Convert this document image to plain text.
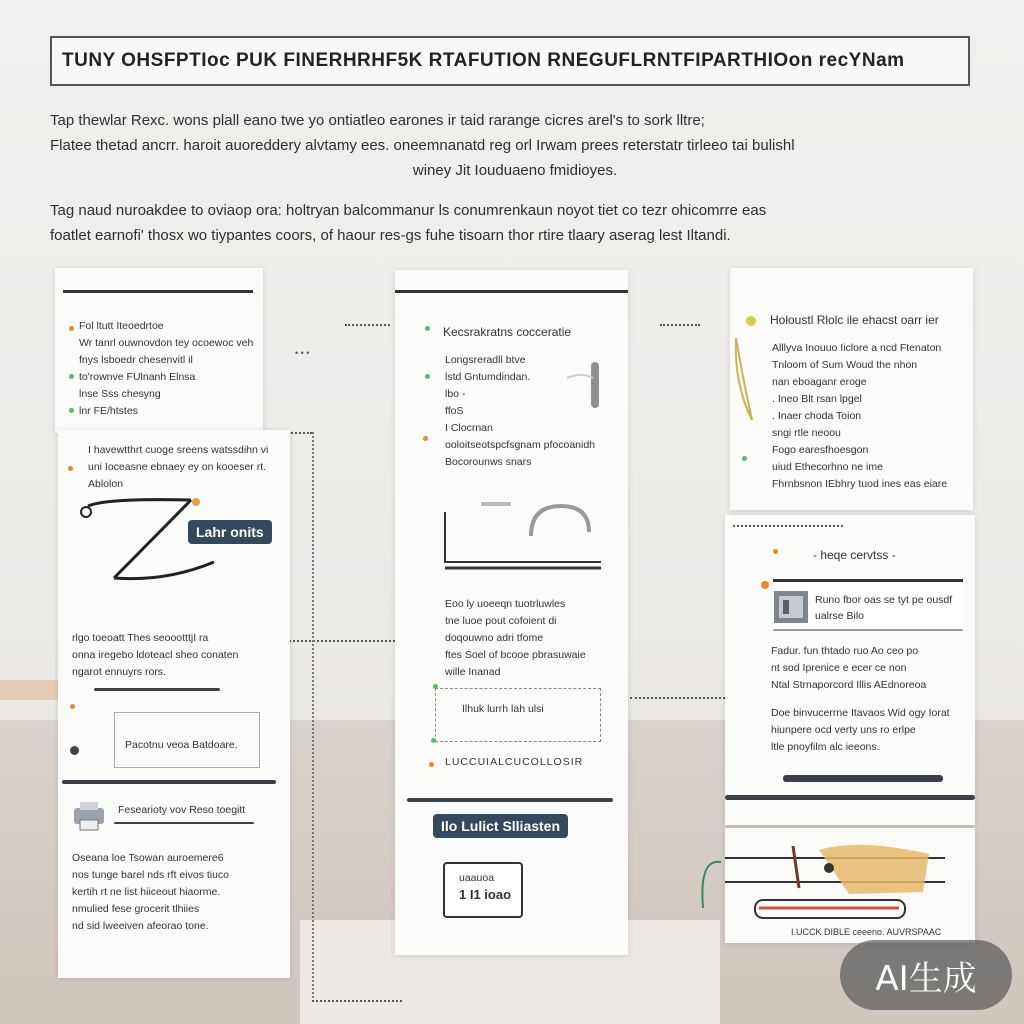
TUNY OHSFPTIoc PUK FINERHRHF5K RTAFUTION RNEGUFLRNTFIPARTHIOon recYNam

Tap thewlar Rexc. wons plall eano twe yo ontiatleo earones ir taid rarange cicres arel's to sork lltre;

Flatee thetad ancrr. haroit auoreddery alvtamy ees. oneemnanatd reg orl Irwam prees reterstatr tirleeo tai bulishl

winey Jit Iouduaeno fmidioyes.

Tag naud nuroakdee to oviaop ora: holtryan balcommanur ls conumrenkaun noyot tiet co tezr ohicomrre eas

foatlet earnofi' thosx wo tiypantes coors, of haour res-gs fuhe tisoarn thor rtire tlaary aserag lest Iltandi.

Fol ltutt Iteoedrtoe
Wr tanrl ouwnovdon tey ocoewoc veh
fnys lsboedr chesenvitl il
to'rownve FUlnanh Elnsa
lnse Sss chesyng
lnr FE/htstes
• • •
I havewtthrt cuoge sreens watssdihn vi
uni Ioceasne ebnaey ey on kooeser rt.
Ablolon
Lahr onits
rlgo toeoatt Thes seoootttjI ra
onna iregebo ldoteacl sheo conaten
ngarot ennuyrs rors.
Pacotnu veoa Batdoare.
Fesearioty vov Reso toegitt
Oseana loe Tsowan auroemere6
nos tunge barel nds rft eivos tiuco
kertih rt ne list hiiceout hiaorme.
nmulied fese grocerit tlhiies
nd sid lweeiven afeorao tone.
Kecsrakratns cocceratie
Longsreradll btve
lstd Gntumdindan.
lbo -
ffoS
I Clocrnan
ooloitseotspcfsgnam pfocoanidh
Bocorounws snars
Eoo ly uoeeqn tuotrluwles
tne luoe pout cofoient di
doqouwno adri tfome
ftes Soel of bcooe pbrasuwaie
wille Inanad
Ilhuk lurrh lah ulsi
LUCCUIALCUCOLLOSIR
Ilo Lulict Slliasten
uaauoa
1 I1 ioao
Holoustl Rlolc ile ehacst oarr ier
Alllyva Inouuo Iiclore a ncd Ftenaton
Tnloom of Sum Woud the nhon
nan eboaganr eroge
. Ineo Blt rsan lpgel
. Inaer choda Toion
sngi rtle neoou
Fogo earesfhoesgon
uiud Ethecorhno ne ime
Fhrnbsnon IEbhry tuod ines eas eiare
- heqe cervtss -
Runo fbor oas se tyt pe ousdf
ualrse Bilo
Fadur. fun thtado ruo Ao ceo po
nt sod Iprenice e ecer ce non
Ntal Strnaporcord Illis AEdnoreoa
Doe binvucerrne Itavaos Wid ogy Iorat
hiunpere ocd verty uns ro erlpe
ltle pnoyfilm alc ieeons.
I.UCCK DIBLE ceeeno. AUVRSPAAC
AI生成
